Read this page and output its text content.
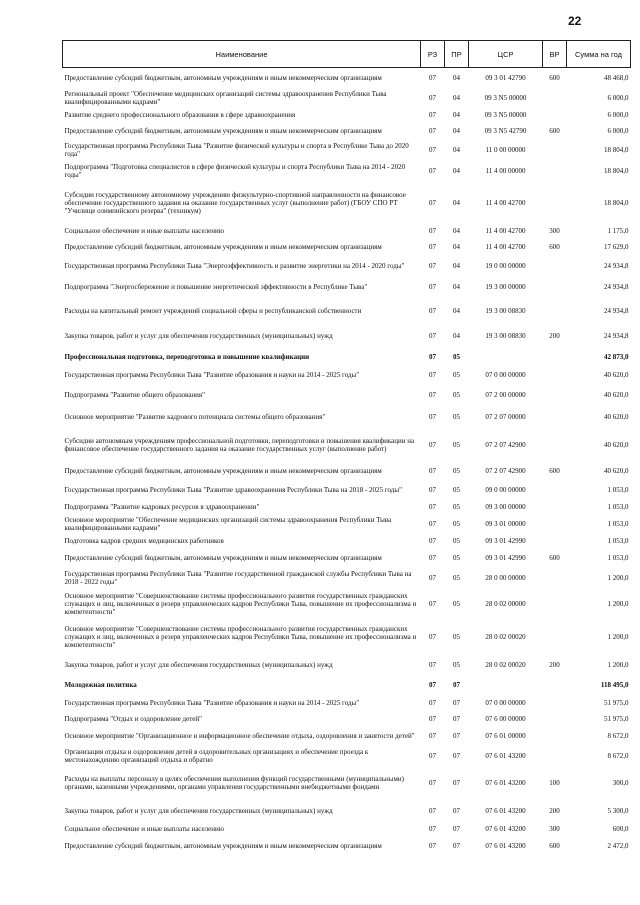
22
Наименование	РЗ	ПР	ЦСР	ВР	Сумма на год
Предоставление субсидий бюджетным, автономным учреждениям и иным некоммерческим организациям	07	04	09 3 01 42790	600	48 468,0
Региональный проект "Обеспечение медицинских организаций системы здравоохранения Республики Тыва квалифицированными кадрами"	07	04	09 3 N5 00000		6 000,0
Развитие среднего профессионального образования в сфере здравоохранения	07	04	09 3 N5 00000		6 000,0
Предоставление субсидий бюджетным, автономным учреждениям и иным некоммерческим организациям	07	04	09 3 N5 42790	600	6 000,0
Государственная программа Республики Тыва "Развитие физической культуры и спорта в Республике Тыва до 2020 года"	07	04	11 0 00 00000		18 804,0
Подпрограмма "Подготовка специалистов в сфере физической культуры и спорта Республики Тыва на 2014 - 2020 годы"	07	04	11 4 00 00000		18 804,0
Субсидии государственному автономному учреждению физкультурно-спортивной направленности на финансовое обеспечение государственного задания на оказание государственных услуг (выполнение работ) (ГБОУ СПО РТ "Училище олимпийского резерва" (техникум)	07	04	11 4 00 42700		18 804,0
Социальное обеспечение и иные выплаты населению	07	04	11 4 00 42700	300	1 175,0
Предоставление субсидий бюджетным, автономным учреждениям и иным некоммерческим организациям	07	04	11 4 00 42700	600	17 629,0
Государственная программа Республики Тыва "Энергоэффективность и развитие энергетики на 2014 - 2020 годы"	07	04	19 0 00 00000		24 934,8
Подпрограмма "Энергосбережение и повышение энергетической эффективности в Республике Тыва"	07	04	19 3 00 00000		24 934,8
Расходы на капитальный ремонт учреждений социальной сферы и республиканской собственности	07	04	19 3 00 08830		24 934,8
Закупка товаров, работ и услуг для обеспечения государственных (муниципальных) нужд	07	04	19 3 00 08830	200	24 934,8
Профессиональная подготовка, переподготовка и повышение квалификации	07	05			42 873,0
Государственная программа Республики Тыва "Развитие образования и науки на 2014 - 2025 годы"	07	05	07 0 00 00000		40 620,0
Подпрограмма "Развитие общего образования"	07	05	07 2 00 00000		40 620,0
Основное мероприятие "Развитие кадрового потенциала системы общего образования"	07	05	07 2 07 00000		40 620,0
Субсидии автономным учреждениям профессиональной подготовки, переподготовки и повышения квалификации на финансовое обеспечение государственного задания на оказание государственных услуг (выполнение работ)	07	05	07 2 07 42900		40 620,0
Предоставление субсидий бюджетным, автономным учреждениям и иным некоммерческим организациям	07	05	07 2 07 42900	600	40 620,0
Государственная программа Республики Тыва "Развитие здравоохранения Республики Тыва на 2018 - 2025 годы"	07	05	09 0 00 00000		1 053,0
Подпрограмма "Развитие кадровых ресурсов в здравоохранении"	07	05	09 3 00 00000		1 053,0
Основное мероприятие "Обеспечение медицинских организаций системы здравоохранения Республики Тыва квалифицированными кадрами"	07	05	09 3 01 00000		1 053,0
Подготовка кадров средних медицинских работников	07	05	09 3 01 42990		1 053,0
Предоставление субсидий бюджетным, автономным учреждениям и иным некоммерческим организациям	07	05	09 3 01 42990	600	1 053,0
Государственная программа Республики Тыва "Развитие государственной гражданской службы Республики Тыва на 2018 - 2022 годы"	07	05	28 0 00 00000		1 200,0
Основное мероприятие "Совершенствование системы профессионального развития государственных гражданских служащих и лиц, включенных в резерв управленческих кадров Республики Тыва, повышение их профессионализма и компетентности"	07	05	28 0 02 00000		1 200,0
Основное мероприятие "Совершенствование системы профессионального развития государственных гражданских служащих и лиц, включенных в резерв управленческих кадров Республики Тыва, повышение их профессионализма и компетентности"	07	05	28 0 02 00020		1 200,0
Закупка товаров, работ и услуг для обеспечения государственных (муниципальных) нужд	07	05	28 0 02 00020	200	1 200,0
Молодежная политика	07	07			118 495,0
Государственная программа Республики Тыва "Развитие образования и науки на 2014 - 2025 годы"	07	07	07 0 00 00000		51 975,0
Подпрограмма "Отдых и оздоровление детей"	07	07	07 6 00 00000		51 975,0
Основное мероприятие "Организационное и информационное обеспечение отдыха, оздоровления и занятости детей"	07	07	07 6 01 00000		8 672,0
Организация отдыха и оздоровления детей в оздоровительных организациях и обеспечение проезда к местонахождению организаций отдыха и обратно	07	07	07 6 01 43200		8 672,0
Расходы на выплаты персоналу в целях обеспечения выполнения функций государственными (муниципальными) органами, казенными учреждениями, органами управления государственными внебюджетными фондами	07	07	07 6 01 43200	100	300,0
Закупка товаров, работ и услуг для обеспечения государственных (муниципальных) нужд	07	07	07 6 01 43200	200	5 300,0
Социальное обеспечение и иные выплаты населению	07	07	07 6 01 43200	300	600,0
Предоставление субсидий бюджетным, автономным учреждениям и иным некоммерческим организациям	07	07	07 6 01 43200	600	2 472,0
